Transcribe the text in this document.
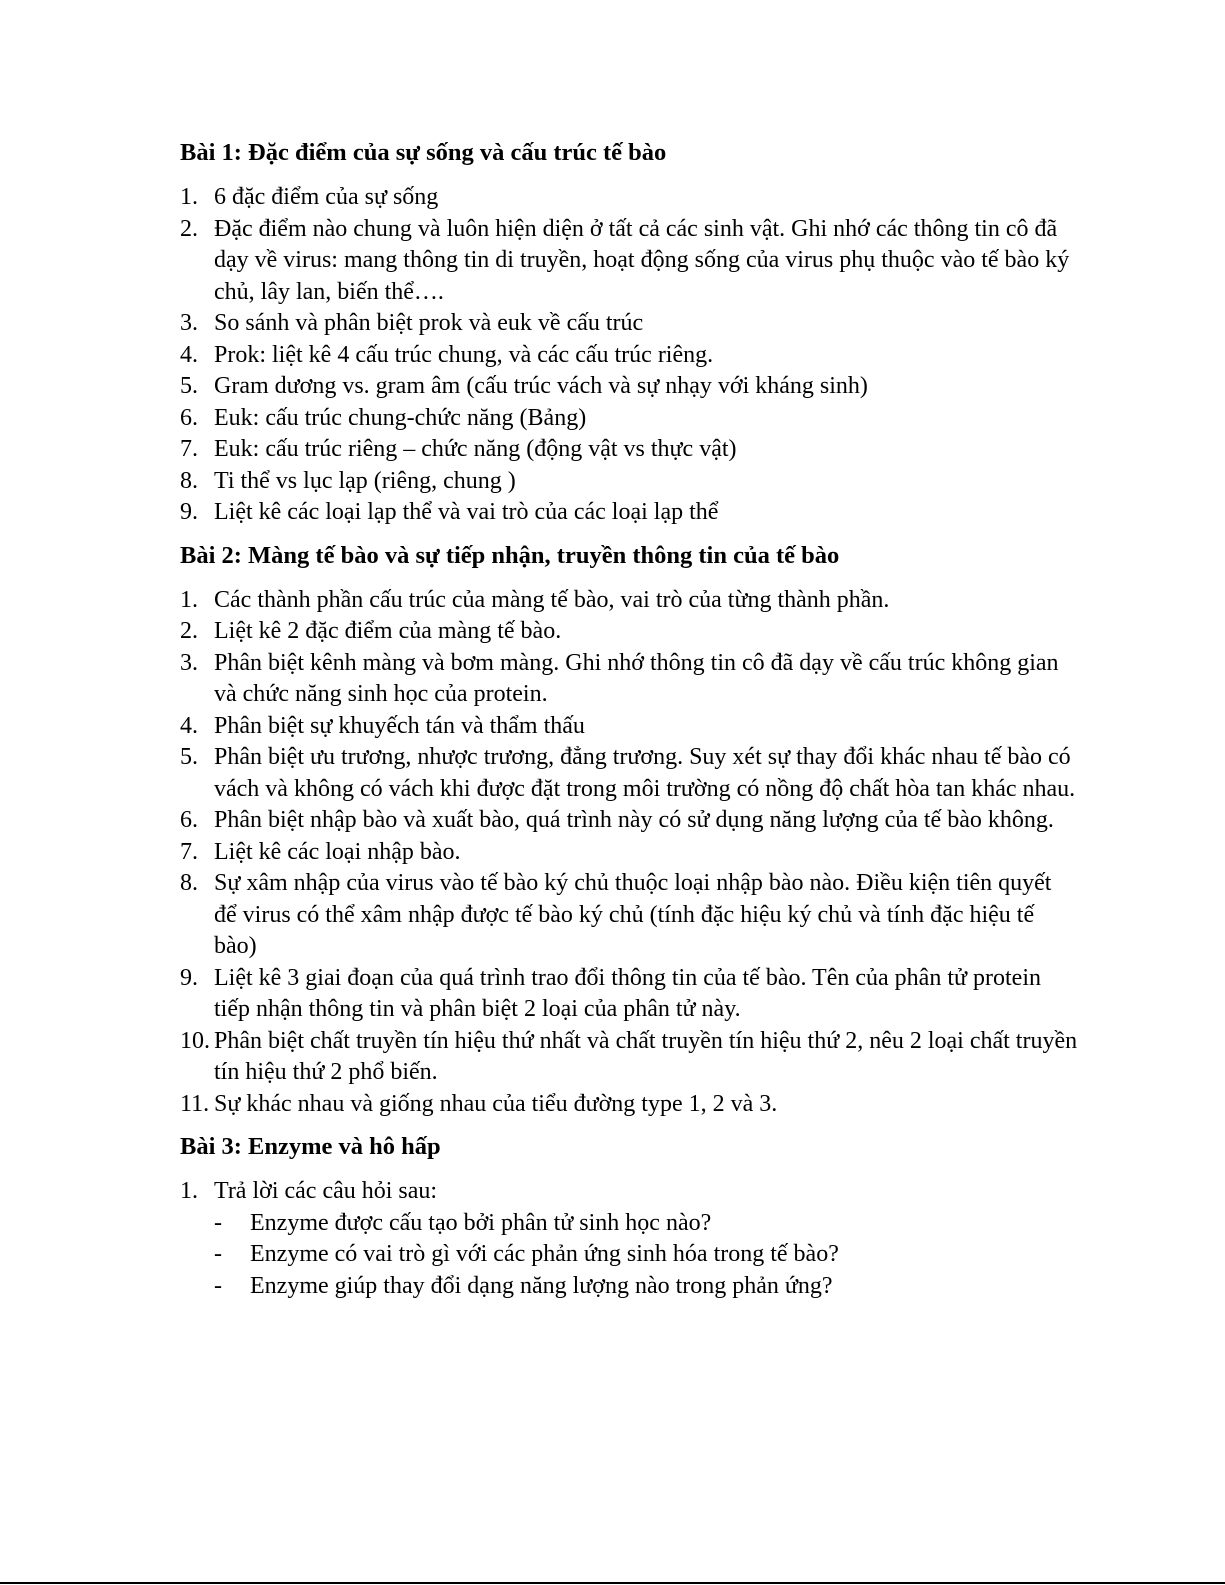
Bài 1: Đặc điểm của sự sống và cấu trúc tế bào
1. 6 đặc điểm của sự sống
2. Đặc điểm nào chung và luôn hiện diện ở tất cả các sinh vật. Ghi nhớ các thông tin cô đã dạy về virus: mang thông tin di truyền, hoạt động sống của virus phụ thuộc vào tế bào ký chủ, lây lan, biến thể….
3. So sánh và phân biệt prok và euk về cấu trúc
4. Prok: liệt kê 4 cấu trúc chung, và các cấu trúc riêng.
5. Gram dương vs. gram âm (cấu trúc vách và sự nhạy với kháng sinh)
6. Euk: cấu trúc chung-chức năng (Bảng)
7. Euk: cấu trúc riêng – chức năng (động vật vs thực vật)
8. Ti thể vs lục lạp (riêng, chung )
9. Liệt kê các loại lạp thể và vai trò của các loại lạp thể
Bài 2: Màng tế bào và sự tiếp nhận, truyền thông tin của tế bào
1. Các thành phần cấu trúc của màng tế bào, vai trò của từng thành phần.
2. Liệt kê 2 đặc điểm của màng tế bào.
3. Phân biệt kênh màng và bơm màng. Ghi nhớ thông tin cô đã dạy về cấu trúc không gian và chức năng sinh học của protein.
4. Phân biệt sự khuyếch tán và thẩm thấu
5. Phân biệt ưu trương, nhược trương, đẳng trương. Suy xét sự thay đổi khác nhau tế bào có vách và không có vách khi được đặt trong môi trường có nồng độ chất hòa tan khác nhau.
6. Phân biệt nhập bào và xuất bào, quá trình này có sử dụng năng lượng của tế bào không.
7. Liệt kê các loại nhập bào.
8. Sự xâm nhập của virus vào tế bào ký chủ thuộc loại nhập bào nào. Điều kiện tiên quyết để virus có thể xâm nhập được tế bào ký chủ (tính đặc hiệu ký chủ và tính đặc hiệu tế bào)
9. Liệt kê 3 giai đoạn của quá trình trao đổi thông tin của tế bào. Tên của phân tử protein tiếp nhận thông tin và phân biệt 2 loại của phân tử này.
10. Phân biệt chất truyền tín hiệu thứ nhất và chất truyền tín hiệu thứ 2, nêu 2 loại chất truyền tín hiệu thứ 2 phổ biến.
11. Sự khác nhau và giống nhau của tiểu đường type 1, 2 và 3.
Bài 3: Enzyme và hô hấp
1. Trả lời các câu hỏi sau:
- Enzyme được cấu tạo bởi phân tử sinh học nào?
- Enzyme có vai trò gì với các phản ứng sinh hóa trong tế bào?
- Enzyme giúp thay đổi dạng năng lượng nào trong phản ứng?
